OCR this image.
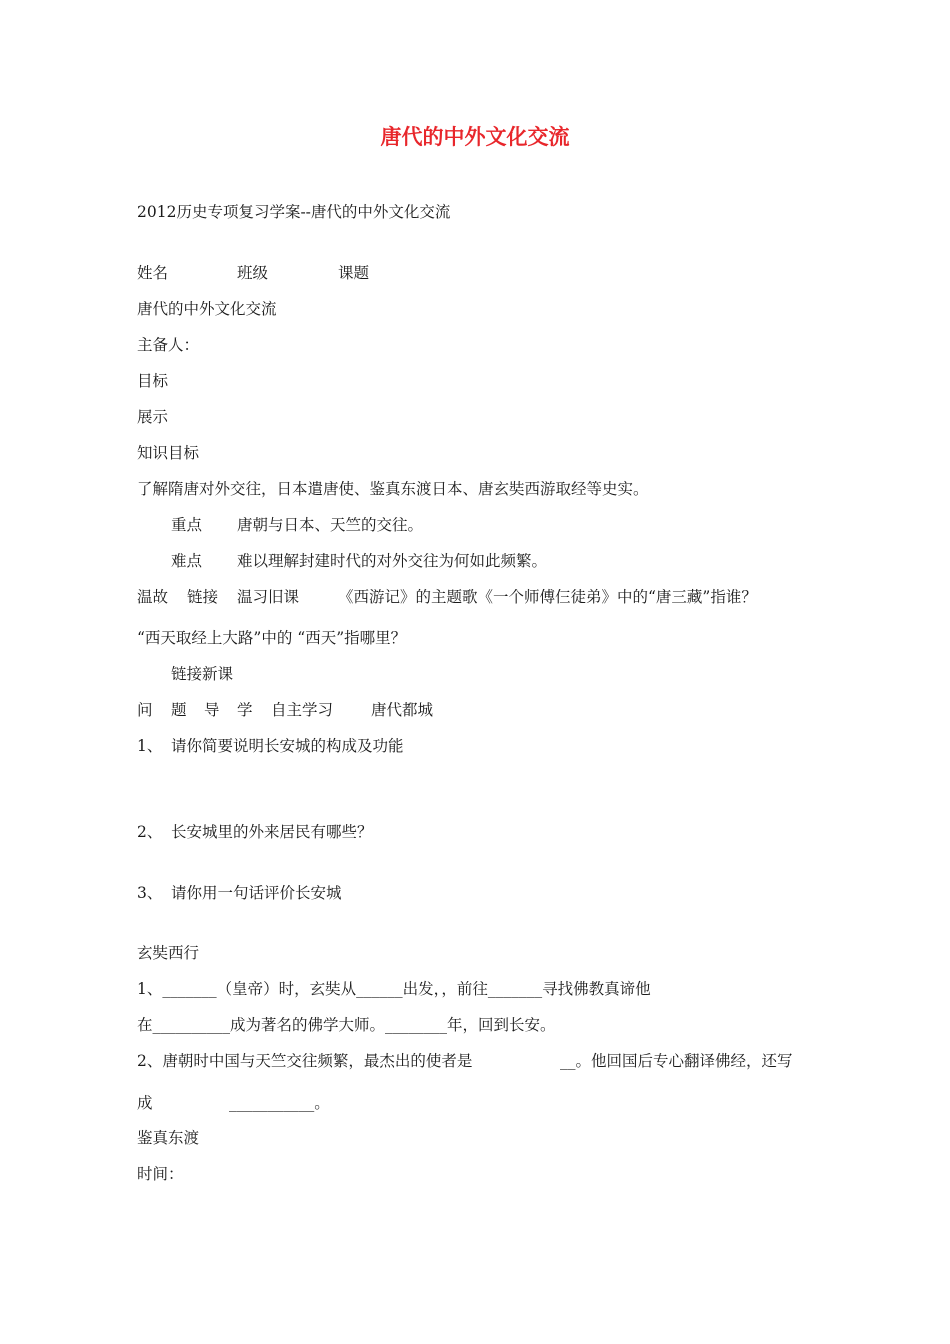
唐代的中外文化交流
2012历史专项复习学案--唐代的中外文化交流
姓名	班级	课题
唐代的中外文化交流
主备人：
目标
展示
知识目标
了解隋唐对外交往，日本遣唐使、鉴真东渡日本、唐玄奘西游取经等史实。
重点 唐朝与日本、天竺的交往。
难点 难以理解封建时代的对外交往为何如此频繁。
温故 链接 温习旧课	《西游记》的主题歌《一个师傅仨徒弟》中的“唐三藏”指谁？
“西天取经上大路”中的 “西天”指哪里？
链接新课
问 题 导 学 自主学习 唐代都城
1、 请你简要说明长安城的构成及功能
2、 长安城里的外来居民有哪些？
3、 请你用一句话评价长安城
玄奘西行
1、_______（皇帝）时，玄奘从______出发，，前往_______寻找佛教真谛他
在__________成为著名的佛学大师。________年，回到长安。
2、唐朝时中国与天竺交往频繁，最杰出的使者是	__。他回国后专心翻译佛经，还写
成	___________。
鉴真东渡
时间：
